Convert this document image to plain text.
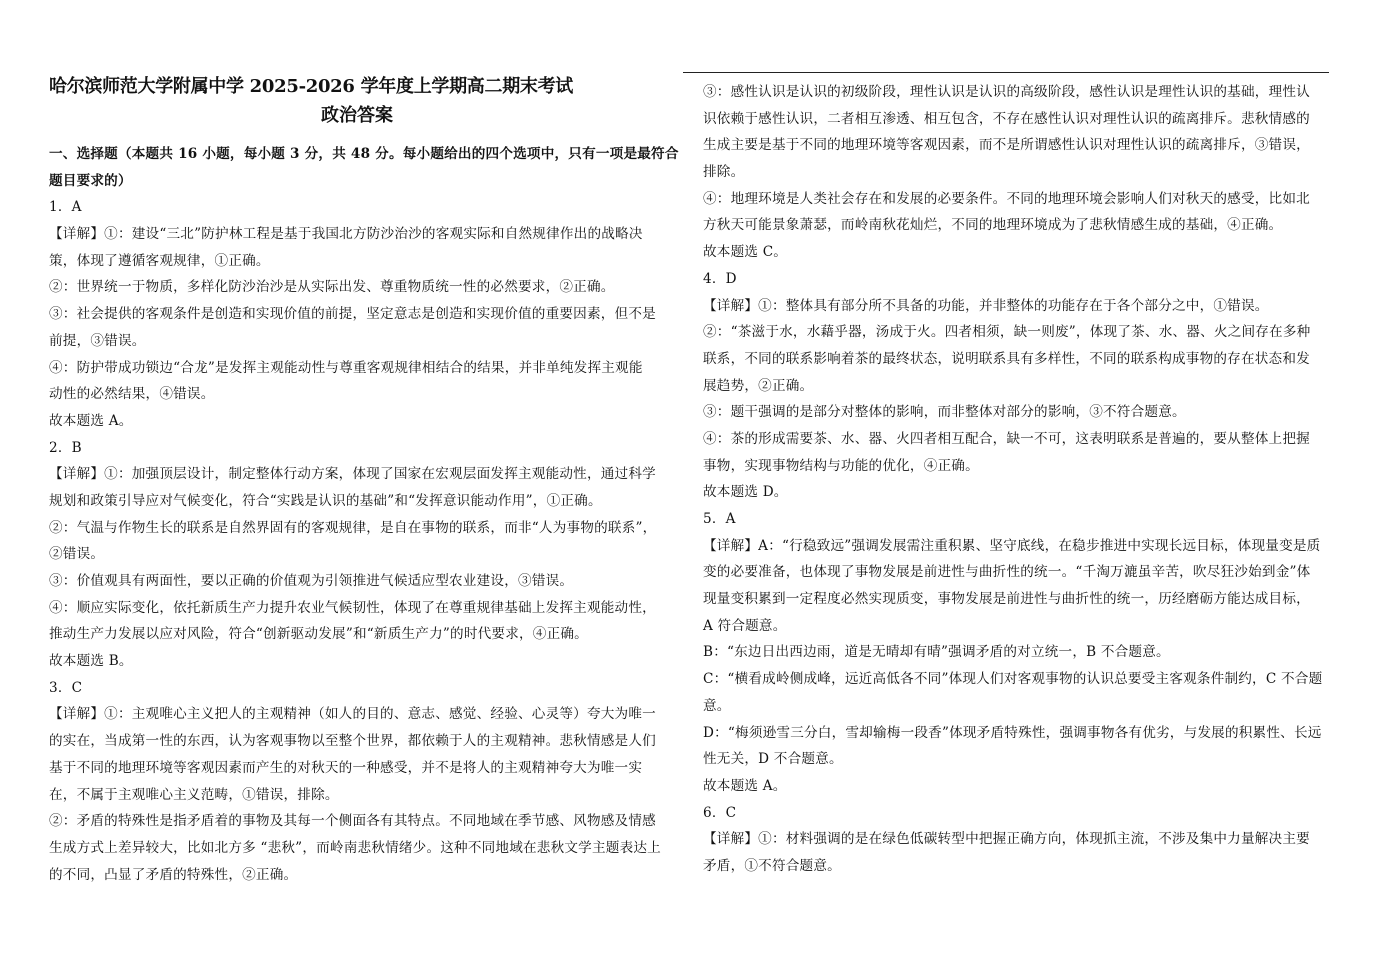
哈尔滨师范大学附属中学 2025-2026 学年度上学期高二期末考试
政治答案
一、选择题（本题共 16 小题，每小题 3 分，共 48 分。每小题给出的四个选项中，只有一项是最符合
题目要求的）
1．A
【详解】①：建设“三北”防护林工程是基于我国北方防沙治沙的客观实际和自然规律作出的战略决
策，体现了遵循客观规律，①正确。
②：世界统一于物质，多样化防沙治沙是从实际出发、尊重物质统一性的必然要求，②正确。
③：社会提供的客观条件是创造和实现价值的前提，坚定意志是创造和实现价值的重要因素，但不是
前提，③错误。
④：防护带成功锁边“合龙”是发挥主观能动性与尊重客观规律相结合的结果，并非单纯发挥主观能
动性的必然结果，④错误。
故本题选 A。
2．B
【详解】①：加强顶层设计，制定整体行动方案，体现了国家在宏观层面发挥主观能动性，通过科学
规划和政策引导应对气候变化，符合“实践是认识的基础”和“发挥意识能动作用”，①正确。
②：气温与作物生长的联系是自然界固有的客观规律，是自在事物的联系，而非“人为事物的联系”，
②错误。
③：价值观具有两面性，要以正确的价值观为引领推进气候适应型农业建设，③错误。
④：顺应实际变化，依托新质生产力提升农业气候韧性，体现了在尊重规律基础上发挥主观能动性，
推动生产力发展以应对风险，符合“创新驱动发展”和“新质生产力”的时代要求，④正确。
故本题选 B。
3．C
【详解】①：主观唯心主义把人的主观精神（如人的目的、意志、感觉、经验、心灵等）夸大为唯一
的实在，当成第一性的东西，认为客观事物以至整个世界，都依赖于人的主观精神。悲秋情感是人们
基于不同的地理环境等客观因素而产生的对秋天的一种感受，并不是将人的主观精神夸大为唯一实
在，不属于主观唯心主义范畴，①错误，排除。
②：矛盾的特殊性是指矛盾着的事物及其每一个侧面各有其特点。不同地域在季节感、风物感及情感
生成方式上差异较大，比如北方多 “悲秋”，而岭南悲秋情绪少。这种不同地域在悲秋文学主题表达上
的不同，凸显了矛盾的特殊性，②正确。
③：感性认识是认识的初级阶段，理性认识是认识的高级阶段，感性认识是理性认识的基础，理性认
识依赖于感性认识，二者相互渗透、相互包含，不存在感性认识对理性认识的疏离排斥。悲秋情感的
生成主要是基于不同的地理环境等客观因素，而不是所谓感性认识对理性认识的疏离排斥，③错误，
排除。
④：地理环境是人类社会存在和发展的必要条件。不同的地理环境会影响人们对秋天的感受，比如北
方秋天可能景象萧瑟，而岭南秋花灿烂，不同的地理环境成为了悲秋情感生成的基础，④正确。
故本题选 C。
4．D
【详解】①：整体具有部分所不具备的功能，并非整体的功能存在于各个部分之中，①错误。
②：“茶滋于水，水藉乎器，汤成于火。四者相须，缺一则废”，体现了茶、水、器、火之间存在多种
联系，不同的联系影响着茶的最终状态，说明联系具有多样性，不同的联系构成事物的存在状态和发
展趋势，②正确。
③：题干强调的是部分对整体的影响，而非整体对部分的影响，③不符合题意。
④：茶的形成需要茶、水、器、火四者相互配合，缺一不可，这表明联系是普遍的，要从整体上把握
事物，实现事物结构与功能的优化，④正确。
故本题选 D。
5．A
【详解】A：“行稳致远”强调发展需注重积累、坚守底线，在稳步推进中实现长远目标，体现量变是质
变的必要准备，也体现了事物发展是前进性与曲折性的统一。“千淘万漉虽辛苦，吹尽狂沙始到金”体
现量变积累到一定程度必然实现质变，事物发展是前进性与曲折性的统一，历经磨砺方能达成目标，
A 符合题意。
B：“东边日出西边雨，道是无晴却有晴”强调矛盾的对立统一，B 不合题意。
C：“横看成岭侧成峰，远近高低各不同”体现人们对客观事物的认识总要受主客观条件制约，C 不合题
意。
D：“梅须逊雪三分白，雪却输梅一段香”体现矛盾特殊性，强调事物各有优劣，与发展的积累性、长远
性无关，D 不合题意。
故本题选 A。
6．C
【详解】①：材料强调的是在绿色低碳转型中把握正确方向，体现抓主流，不涉及集中力量解决主要
矛盾，①不符合题意。
